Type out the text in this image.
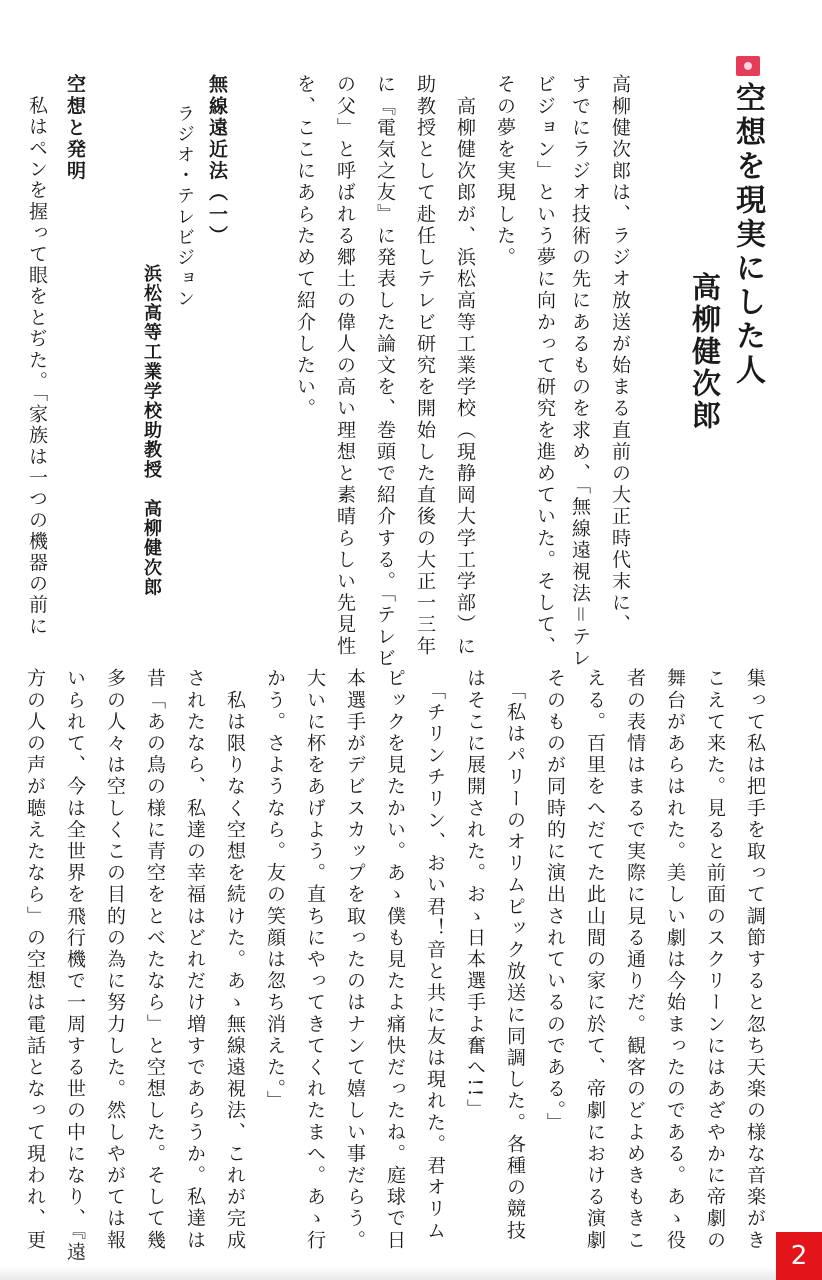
空想を現実にした人
高柳健次郎
高柳健次郎は、ラジオ放送が始まる直前の大正時代末に、
すでにラジオ技術の先にあるものを求め、「無線遠視法＝テレ
ビジョン」という夢に向かって研究を進めていた。そして、
その夢を実現した。
　高柳健次郎が、浜松高等工業学校（現静岡大学工学部）に
助教授として赴任しテレビ研究を開始した直後の大正一三年
に『電気之友』に発表した論文を、巻頭で紹介する。「テレビ
の父」と呼ばれる郷土の偉人の高い理想と素晴らしい先見性
を、ここにあらためて紹介したい。
無線遠近法（一）
ラジオ・テレビジョン
浜松高等工業学校助教授　高柳健次郎
空想と発明
　私はペンを握って眼をとぢた。「家族は一つの機器の前に
集って私は把手を取って調節すると忽ち天楽の様な音楽がき
こえて来た。見ると前面のスクリーンにはあざやかに帝劇の
舞台があらはれた。美しい劇は今始まったのである。あゝ役
者の表情はまるで実際に見る通りだ。観客のどよめきもきこ
える。百里をへだてた此山間の家に於て、帝劇における演劇
そのものが同時的に演出されているのである。」
　「私はパリーのオリムピック放送に同調した。各種の競技
はそこに展開された。おゝ日本選手よ奮へ!!」
　「チリンチリン、おい君！音と共に友は現れた。君オリム
ピックを見たかい。あゝ僕も見たよ痛快だったね。庭球で日
本選手がデビスカップを取ったのはナンて嬉しい事だらう。
大いに杯をあげよう。直ちにやってきてくれたまへ。あゝ行
かう。さようなら。友の笑顔は忽ち消えた。」
　私は限りなく空想を続けた。あゝ無線遠視法、これが完成
されたなら、私達の幸福はどれだけ増すであらうか。私達は
昔「あの鳥の様に青空をとべたなら」と空想した。そして幾
多の人々は空しくこの目的の為に努力した。然しやがては報
いられて、今は全世界を飛行機で一周する世の中になり、『遠
方の人の声が聴えたなら」の空想は電話となって現われ、更
2
